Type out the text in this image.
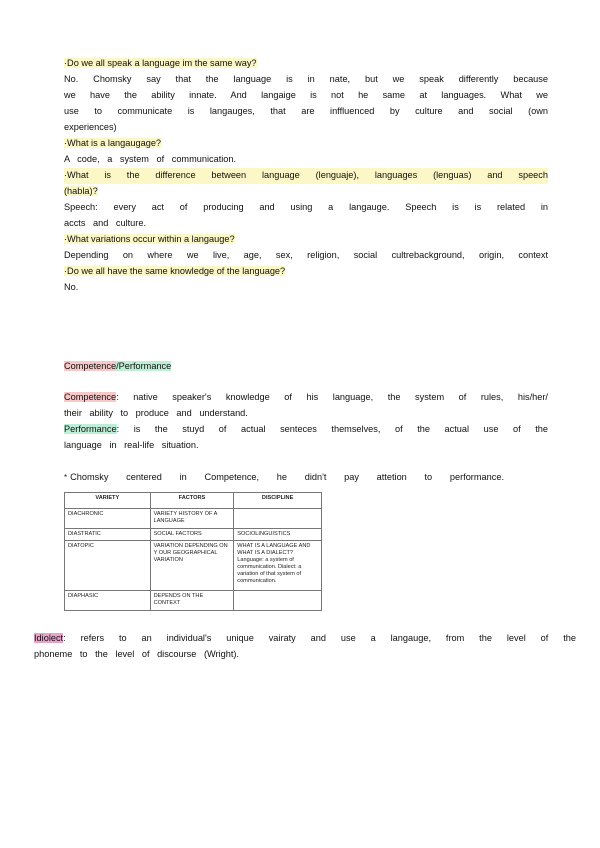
·Do we all speak a language im the same way?
No. Chomsky say that the language is in nate, but we speak differently because
we have the ability innate. And langaige is not he same at languages. What we
use to communicate is langauges, that are inffluenced by culture and social (own
experiences)
·What is a langaugage?
A code, a system of communication.
·What is the difference between language (lenguaje), languages (lenguas) and speech
(habla)?
Speech: every act of producing and using a langauge. Speech is is related in
accts and culture.
·What variations occur within a langauge?
Depending on where we live, age, sex, religion, social cultrebackground, origin, context
·Do we all have the same knowledge of the language?
No.
Competence/Performance
Competence: native speaker's knowledge of his language, the system of rules, his/her/
their ability to produce and understand.
Performance: is the stuyd of actual senteces themselves, of the actual use of the
language in real-life situation.
* Chomsky centered in Competence, he didn't pay attetion to performance.
VARIETY	FACTORS	DISCIPLINE
DIACHRONIC	VARIETY HISTORY OF A LANGUAGE	
DIASTRATIC	SOCIAL FACTORS	SOCIOLINGUISTICS
DIATOPIC	VARIATION DEPENDING ON Y OUR GEOGRAPHICAL VARIATION	WHAT IS A LANGUAGE AND WHAT IS A DIALECT? Language: a system of communication. Dialect: a variation of that system of communication.
DIAPHASIC	DEPENDS ON THE CONTEXT	
Idiolect: refers to an individual's unique vairaty and use a langauge, from the level of the
phoneme to the level of discourse (Wright).
